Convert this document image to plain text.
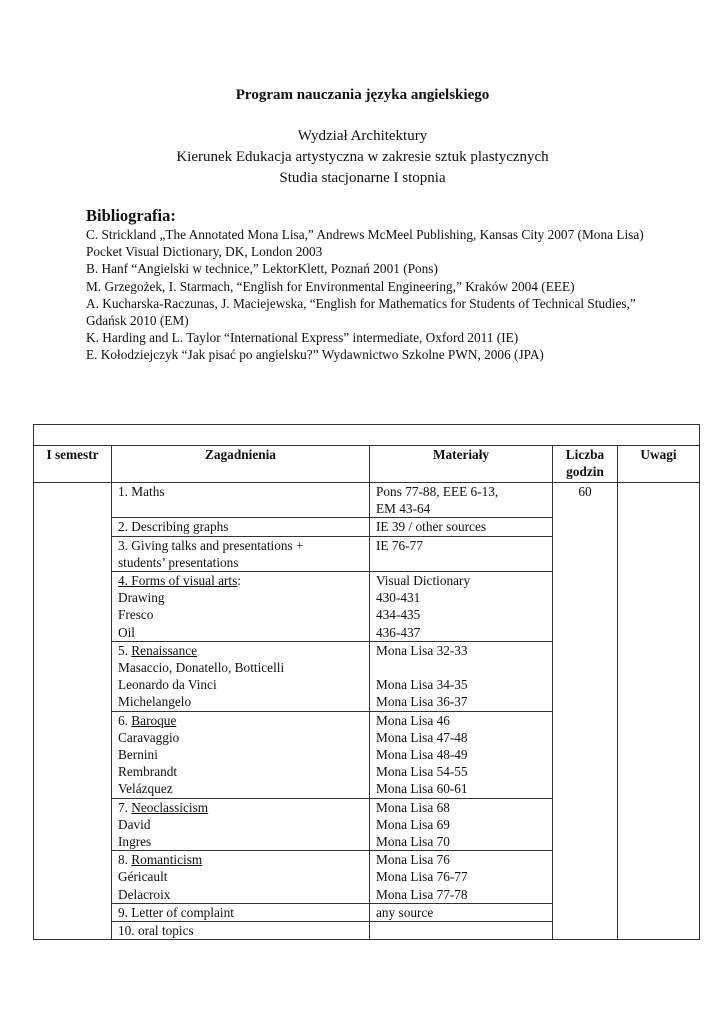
Program nauczania języka angielskiego
Wydział Architektury
Kierunek Edukacja artystyczna w zakresie sztuk plastycznych
Studia stacjonarne I stopnia
Bibliografia:
C. Strickland „The Annotated Mona Lisa,” Andrews McMeel Publishing, Kansas City 2007 (Mona Lisa)
Pocket Visual Dictionary, DK, London 2003
B. Hanf “Angielski w technice,” LektorKlett, Poznań 2001 (Pons)
M. Grzegożek, I. Starmach, “English for Environmental Engineering,” Kraków 2004 (EEE)
A. Kucharska-Raczunas, J. Maciejewska, “English for Mathematics for Students of Technical Studies,” Gdańsk 2010 (EM)
K. Harding and L. Taylor “International Express” intermediate, Oxford 2011 (IE)
E. Kołodziejczyk “Jak pisać po angielsku?” Wydawnictwo Szkolne PWN, 2006 (JPA)

I semestr	Zagadnienia	Materiały	Liczba godzin	Uwagi

	1. Maths	Pons 77-88, EEE 6-13,
EM 43-64	60	

	2. Describing graphs	IE 39 / other sources		

	3. Giving talks and presentations +
students’ presentations	IE 76-77		

	4. Forms of visual arts:
Drawing
Fresco
Oil	Visual Dictionary
430-431
434-435
436-437		

	5. Renaissance
Masaccio, Donatello, Botticelli
Leonardo da Vinci
Michelangelo	Mona Lisa 32-33

Mona Lisa 34-35
Mona Lisa 36-37		

	6. Baroque
Caravaggio
Bernini
Rembrandt
Velázquez	Mona Lisa 46
Mona Lisa 47-48
Mona Lisa 48-49
Mona Lisa 54-55
Mona Lisa 60-61		

	7. Neoclassicism
David
Ingres	Mona Lisa 68
Mona Lisa 69
Mona Lisa 70		

	8. Romanticism
Géricault
Delacroix	Mona Lisa 76
Mona Lisa 76-77
Mona Lisa 77-78		

	9. Letter of complaint	any source		

	10. oral topics			
